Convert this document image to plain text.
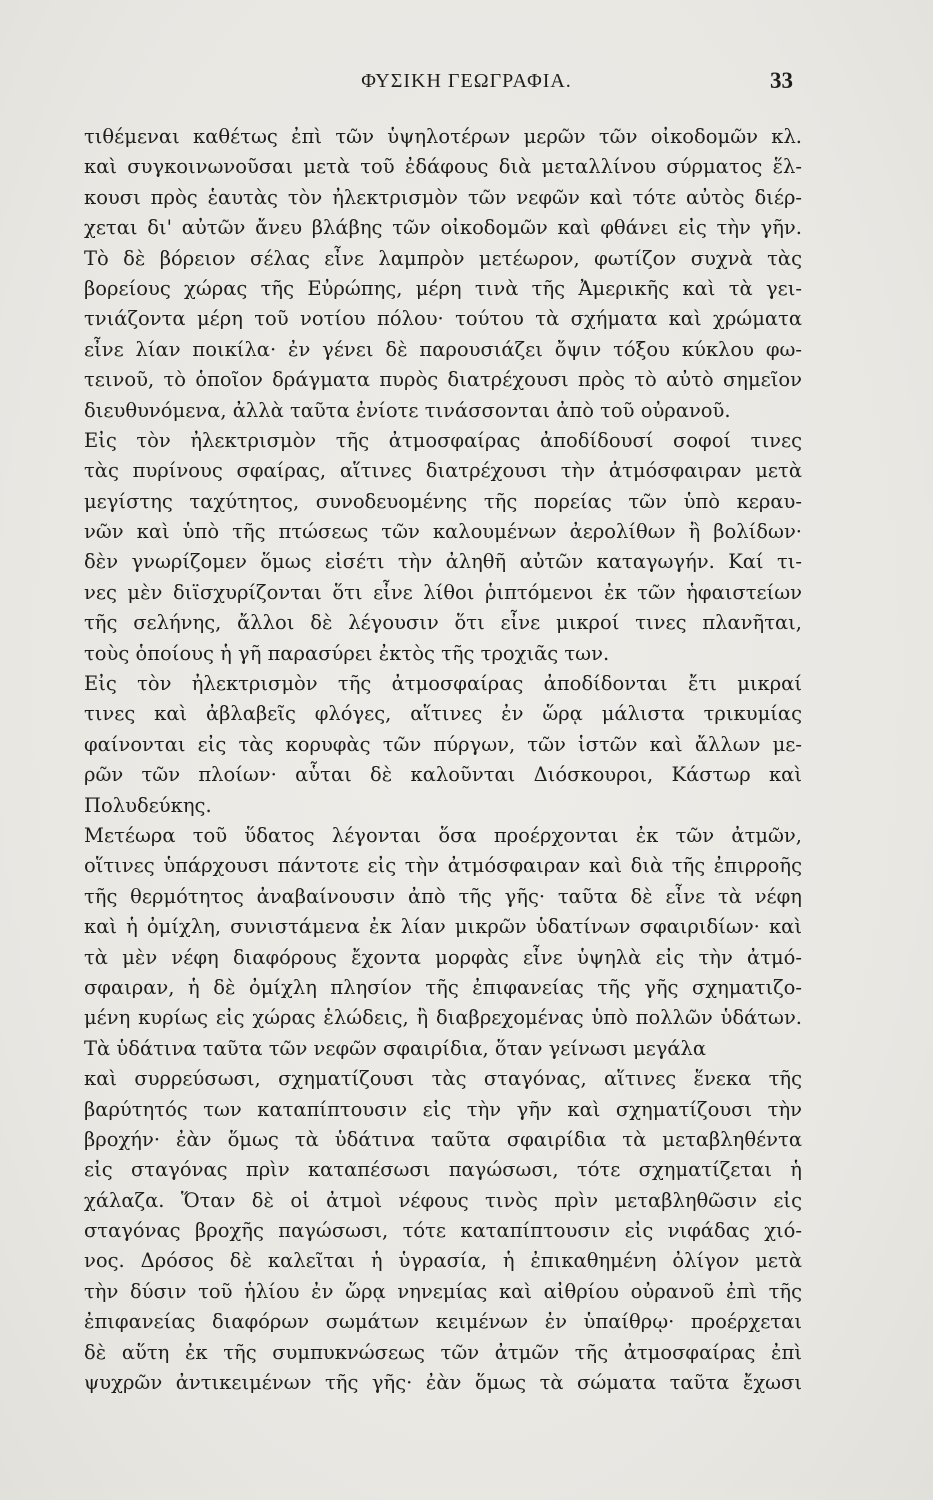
ΦΥΣΙΚΗ ΓΕΩΓΡΑΦΙΑ.	33
τιθέμεναι καθέτως ἐπὶ τῶν ὑψηλοτέρων μερῶν τῶν οἰκοδομῶν κλ.
καὶ συγκοινωνοῦσαι μετὰ τοῦ ἐδάφους διὰ μεταλλίνου σύρματος ἕλ-
κουσι πρὸς ἑαυτὰς τὸν ἠλεκτρισμὸν τῶν νεφῶν καὶ τότε αὐτὸς διέρ-
χεται δι' αὐτῶν ἄνευ βλάβης τῶν οἰκοδομῶν καὶ φθάνει εἰς τὴν γῆν.
Τὸ δὲ βόρειον σέλας εἶνε λαμπρὸν μετέωρον, φωτίζον συχνὰ τὰς
βορείους χώρας τῆς Εὐρώπης, μέρη τινὰ τῆς Ἀμερικῆς καὶ τὰ γει-
τνιάζοντα μέρη τοῦ νοτίου πόλου· τούτου τὰ σχήματα καὶ χρώματα
εἶνε λίαν ποικίλα· ἐν γένει δὲ παρουσιάζει ὄψιν τόξου κύκλου φω-
τεινοῦ, τὸ ὁποῖον δράγματα πυρὸς διατρέχουσι πρὸς τὸ αὐτὸ σημεῖον
διευθυνόμενα, ἀλλὰ ταῦτα ἐνίοτε τινάσσονται ἀπὸ τοῦ οὐρανοῦ.
Εἰς τὸν ἠλεκτρισμὸν τῆς ἀτμοσφαίρας ἀποδίδουσί σοφοί τινες
τὰς πυρίνους σφαίρας, αἵτινες διατρέχουσι τὴν ἀτμόσφαιραν μετὰ
μεγίστης ταχύτητος, συνοδευομένης τῆς πορείας τῶν ὑπὸ κεραυ-
νῶν καὶ ὑπὸ τῆς πτώσεως τῶν καλουμένων ἀερολίθων ἢ βολίδων·
δὲν γνωρίζομεν ὅμως εἰσέτι τὴν ἀληθῆ αὐτῶν καταγωγήν. Καί τι-
νες μὲν διϊσχυρίζονται ὅτι εἶνε λίθοι ῥιπτόμενοι ἐκ τῶν ἡφαιστείων
τῆς σελήνης, ἄλλοι δὲ λέγουσιν ὅτι εἶνε μικροί τινες πλανῆται,
τοὺς ὁποίους ἡ γῆ παρασύρει ἐκτὸς τῆς τροχιᾶς των.
Εἰς τὸν ἠλεκτρισμὸν τῆς ἀτμοσφαίρας ἀποδίδονται ἔτι μικραί
τινες καὶ ἀβλαβεῖς φλόγες, αἵτινες ἐν ὥρᾳ μάλιστα τρικυμίας
φαίνονται εἰς τὰς κορυφὰς τῶν πύργων, τῶν ἱστῶν καὶ ἄλλων με-
ρῶν τῶν πλοίων· αὗται δὲ καλοῦνται Διόσκουροι, Κάστωρ καὶ
Πολυδεύκης.
Μετέωρα τοῦ ὕδατος λέγονται ὅσα προέρχονται ἐκ τῶν ἀτμῶν,
οἵτινες ὑπάρχουσι πάντοτε εἰς τὴν ἀτμόσφαιραν καὶ διὰ τῆς ἐπιρροῆς
τῆς θερμότητος ἀναβαίνουσιν ἀπὸ τῆς γῆς· ταῦτα δὲ εἶνε τὰ νέφη
καὶ ἡ ὀμίχλη, συνιστάμενα ἐκ λίαν μικρῶν ὑδατίνων σφαιριδίων· καὶ
τὰ μὲν νέφη διαφόρους ἔχοντα μορφὰς εἶνε ὑψηλὰ εἰς τὴν ἀτμό-
σφαιραν, ἡ δὲ ὀμίχλη πλησίον τῆς ἐπιφανείας τῆς γῆς σχηματιζο-
μένη κυρίως εἰς χώρας ἑλώδεις, ἢ διαβρεχομένας ὑπὸ πολλῶν ὑδάτων.
Τὰ ὑδάτινα ταῦτα τῶν νεφῶν σφαιρίδια, ὅταν γείνωσι μεγάλα
καὶ συρρεύσωσι, σχηματίζουσι τὰς σταγόνας, αἵτινες ἕνεκα τῆς
βαρύτητός των καταπίπτουσιν εἰς τὴν γῆν καὶ σχηματίζουσι τὴν
βροχήν· ἐὰν ὅμως τὰ ὑδάτινα ταῦτα σφαιρίδια τὰ μεταβληθέντα
εἰς σταγόνας πρὶν καταπέσωσι παγώσωσι, τότε σχηματίζεται ἡ
χάλαζα. Ὅταν δὲ οἱ ἀτμοὶ νέφους τινὸς πρὶν μεταβληθῶσιν εἰς
σταγόνας βροχῆς παγώσωσι, τότε καταπίπτουσιν εἰς νιφάδας χιό-
νος. Δρόσος δὲ καλεῖται ἡ ὑγρασία, ἡ ἐπικαθημένη ὀλίγον μετὰ
τὴν δύσιν τοῦ ἡλίου ἐν ὥρᾳ νηνεμίας καὶ αἰθρίου οὐρανοῦ ἐπὶ τῆς
ἐπιφανείας διαφόρων σωμάτων κειμένων ἐν ὑπαίθρῳ· προέρχεται
δὲ αὕτη ἐκ τῆς συμπυκνώσεως τῶν ἀτμῶν τῆς ἀτμοσφαίρας ἐπὶ
ψυχρῶν ἀντικειμένων τῆς γῆς· ἐὰν ὅμως τὰ σώματα ταῦτα ἔχωσι
